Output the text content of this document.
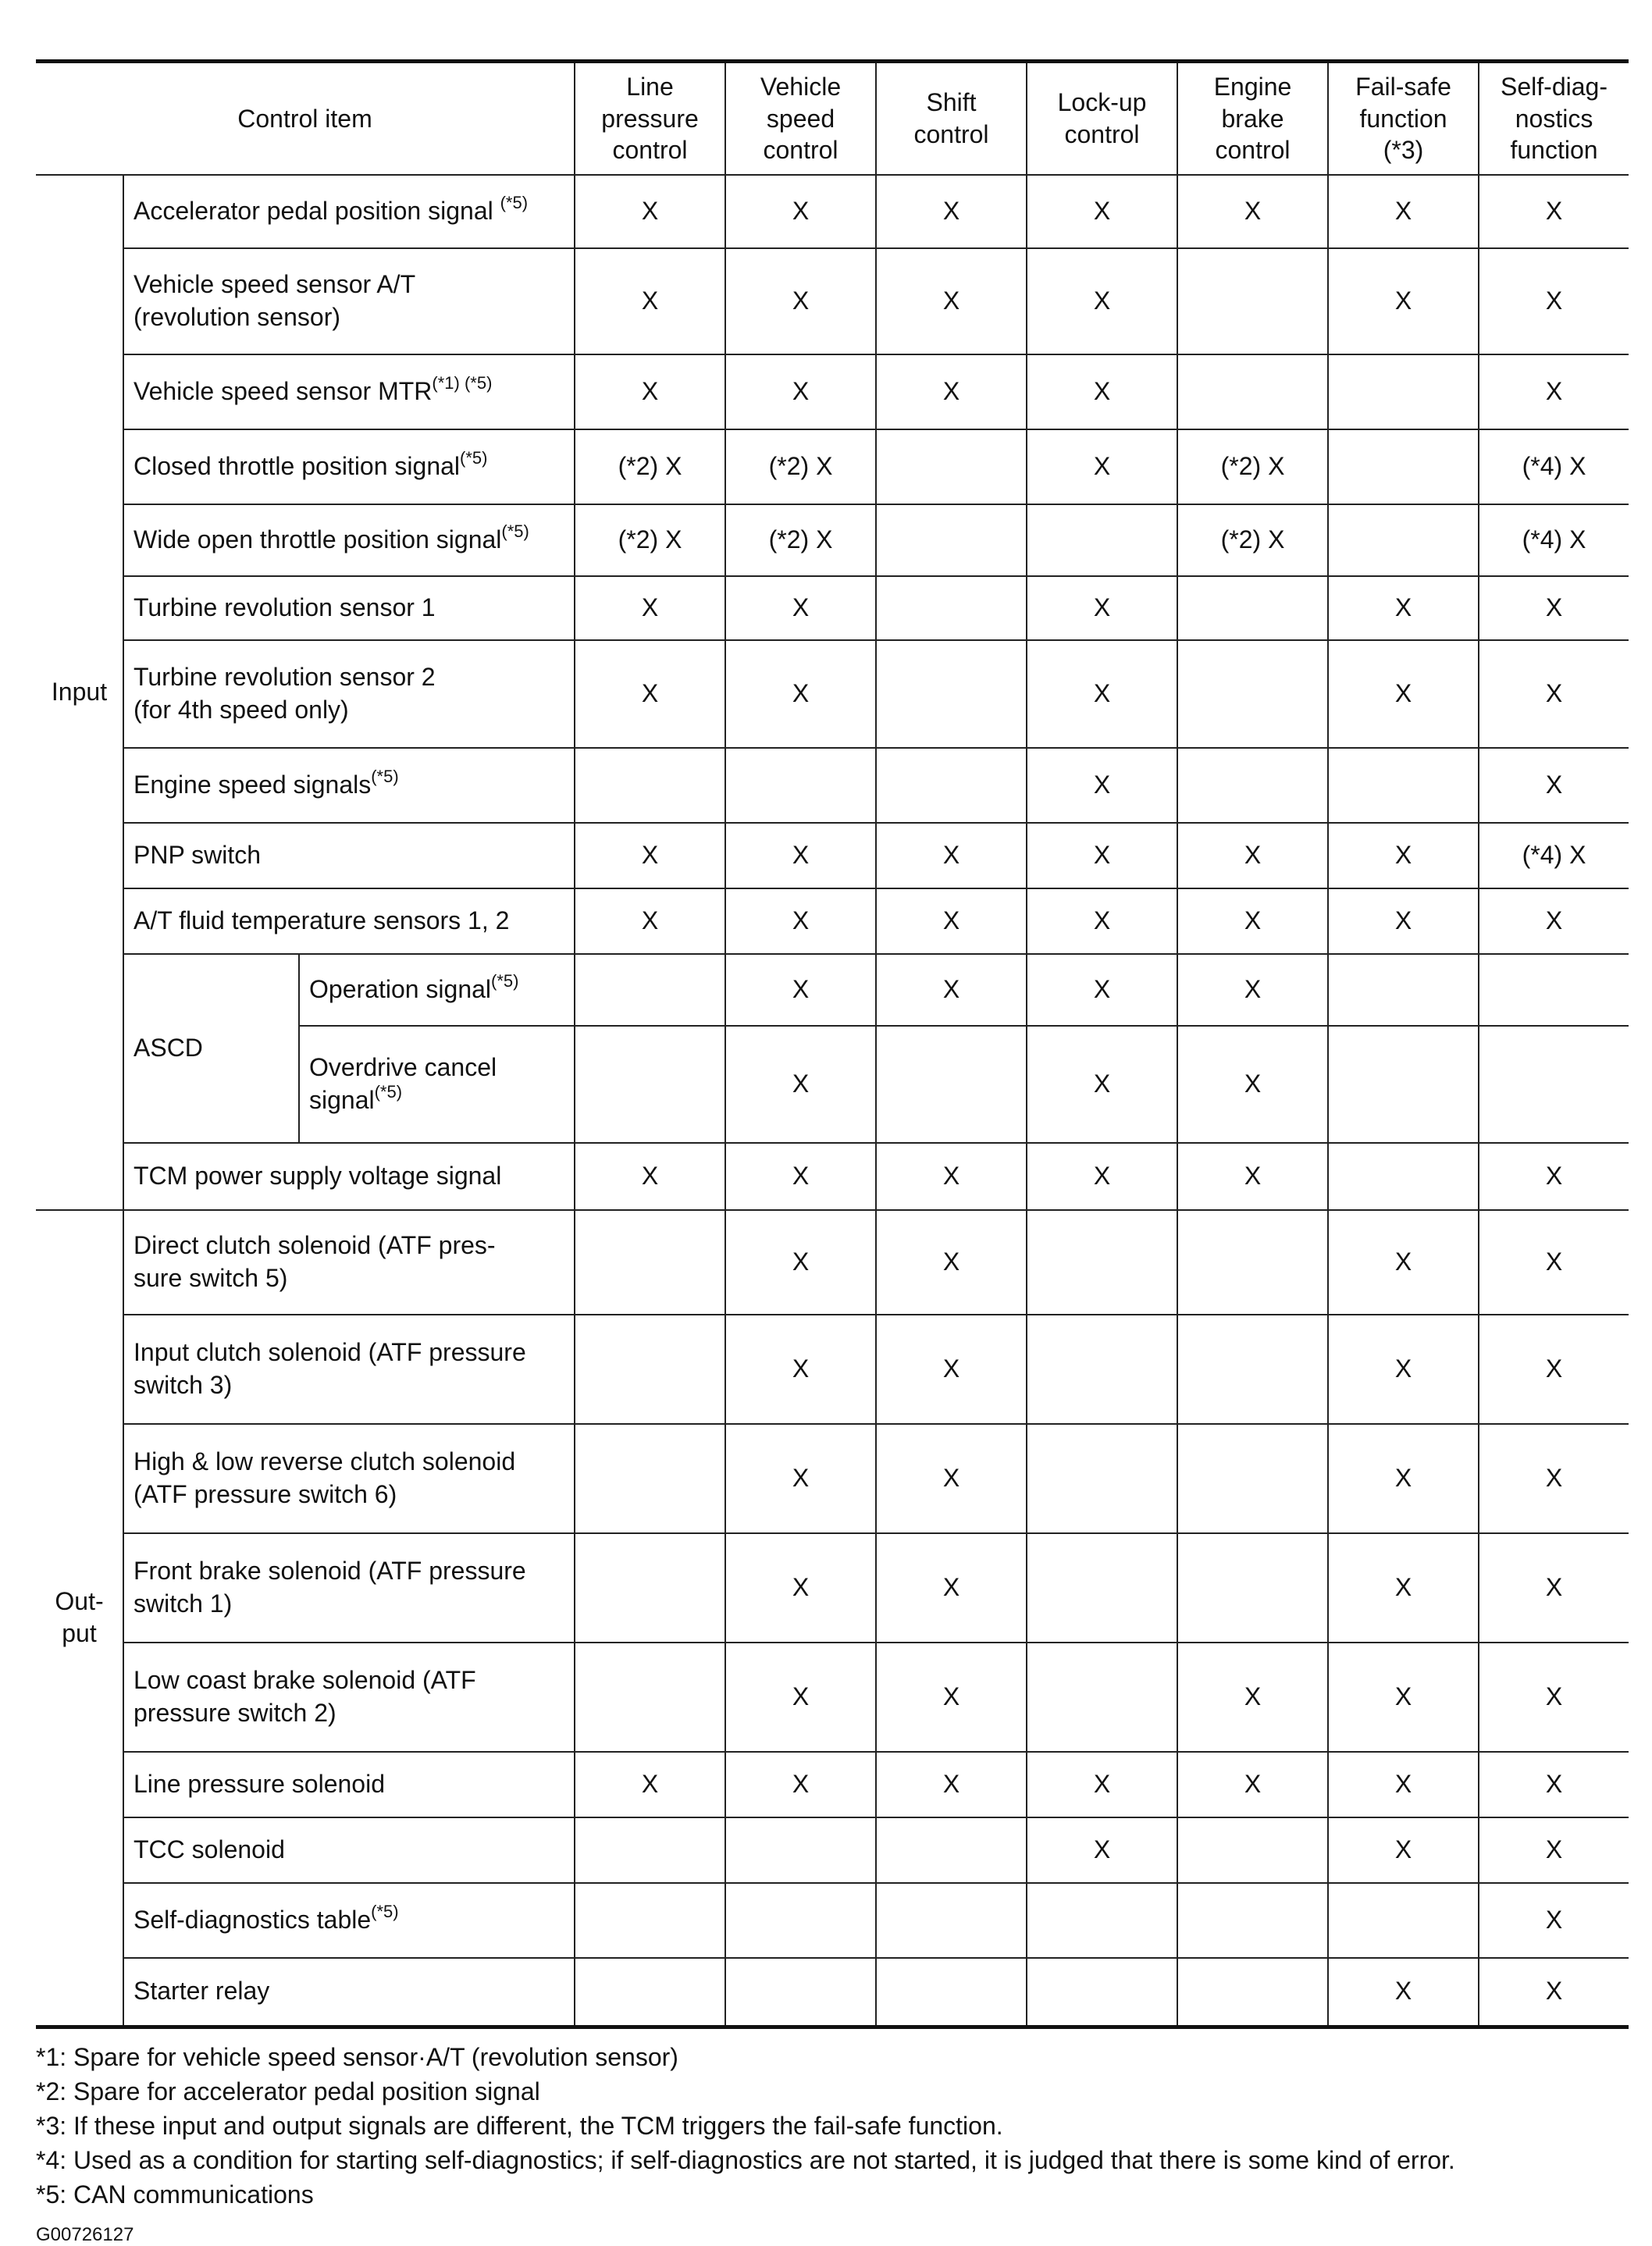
Control item			Line
pressure
control	Vehicle
speed
control	Shift
control	Lock-up
control	Engine
brake
control	Fail-safe
function
(*3)	Self-diag-
nostics
function
Input	Accelerator pedal position signal $^{(*5)}$		X	X	X	X	X	X	X
	Vehicle speed sensor A/T
(revolution sensor)		X	X	X	X		X	X
	Vehicle speed sensor $MTR^{(*1) (*5)}$		X	X	X	X			X
	Closed throttle position signal$^{(*5)}$		(*2) X	(*2) X		X	(*2) X		(*4) X
	Wide open throttle position signal$^{(*5)}$		(*2) X	(*2) X			(*2) X		(*4) X
	Turbine revolution sensor 1		X	X		X		X	X
	Turbine revolution sensor 2
(for 4th speed only)		X	X		X		X	X
	Engine speed signals$^{(*5)}$					X			X
	PNP switch		X	X	X	X	X	X	(*4) X
	A/T fluid temperature sensors 1, 2		X	X	X	X	X	X	X
	ASCD	Operation signal$^{(*5)}$		X	X	X	X		
		Overdrive cancel
signal$^{(*5)}$		X		X	X		
	TCM power supply voltage signal		X	X	X	X	X		X
Out-
put	Direct clutch solenoid (ATF pres-
sure switch 5)			X	X			X	X
	Input clutch solenoid (ATF pressure
switch 3)			X	X			X	X
	High & low reverse clutch solenoid
(ATF pressure switch 6)			X	X			X	X
	Front brake solenoid (ATF pressure
switch 1)			X	X			X	X
	Low coast brake solenoid (ATF
pressure switch 2)			X	X		X	X	X
	Line pressure solenoid		X	X	X	X	X	X	X
	TCC solenoid					X		X	X
	Self-diagnostics table$^{(*5)}$								X
	Starter relay							X	X
*1: Spare for vehicle speed sensor·A/T (revolution sensor)
*2: Spare for accelerator pedal position signal
*3: If these input and output signals are different, the TCM triggers the fail-safe function.
*4: Used as a condition for starting self-diagnostics; if self-diagnostics are not started, it is judged that there is some kind of error.
*5: CAN communications
G00726127
